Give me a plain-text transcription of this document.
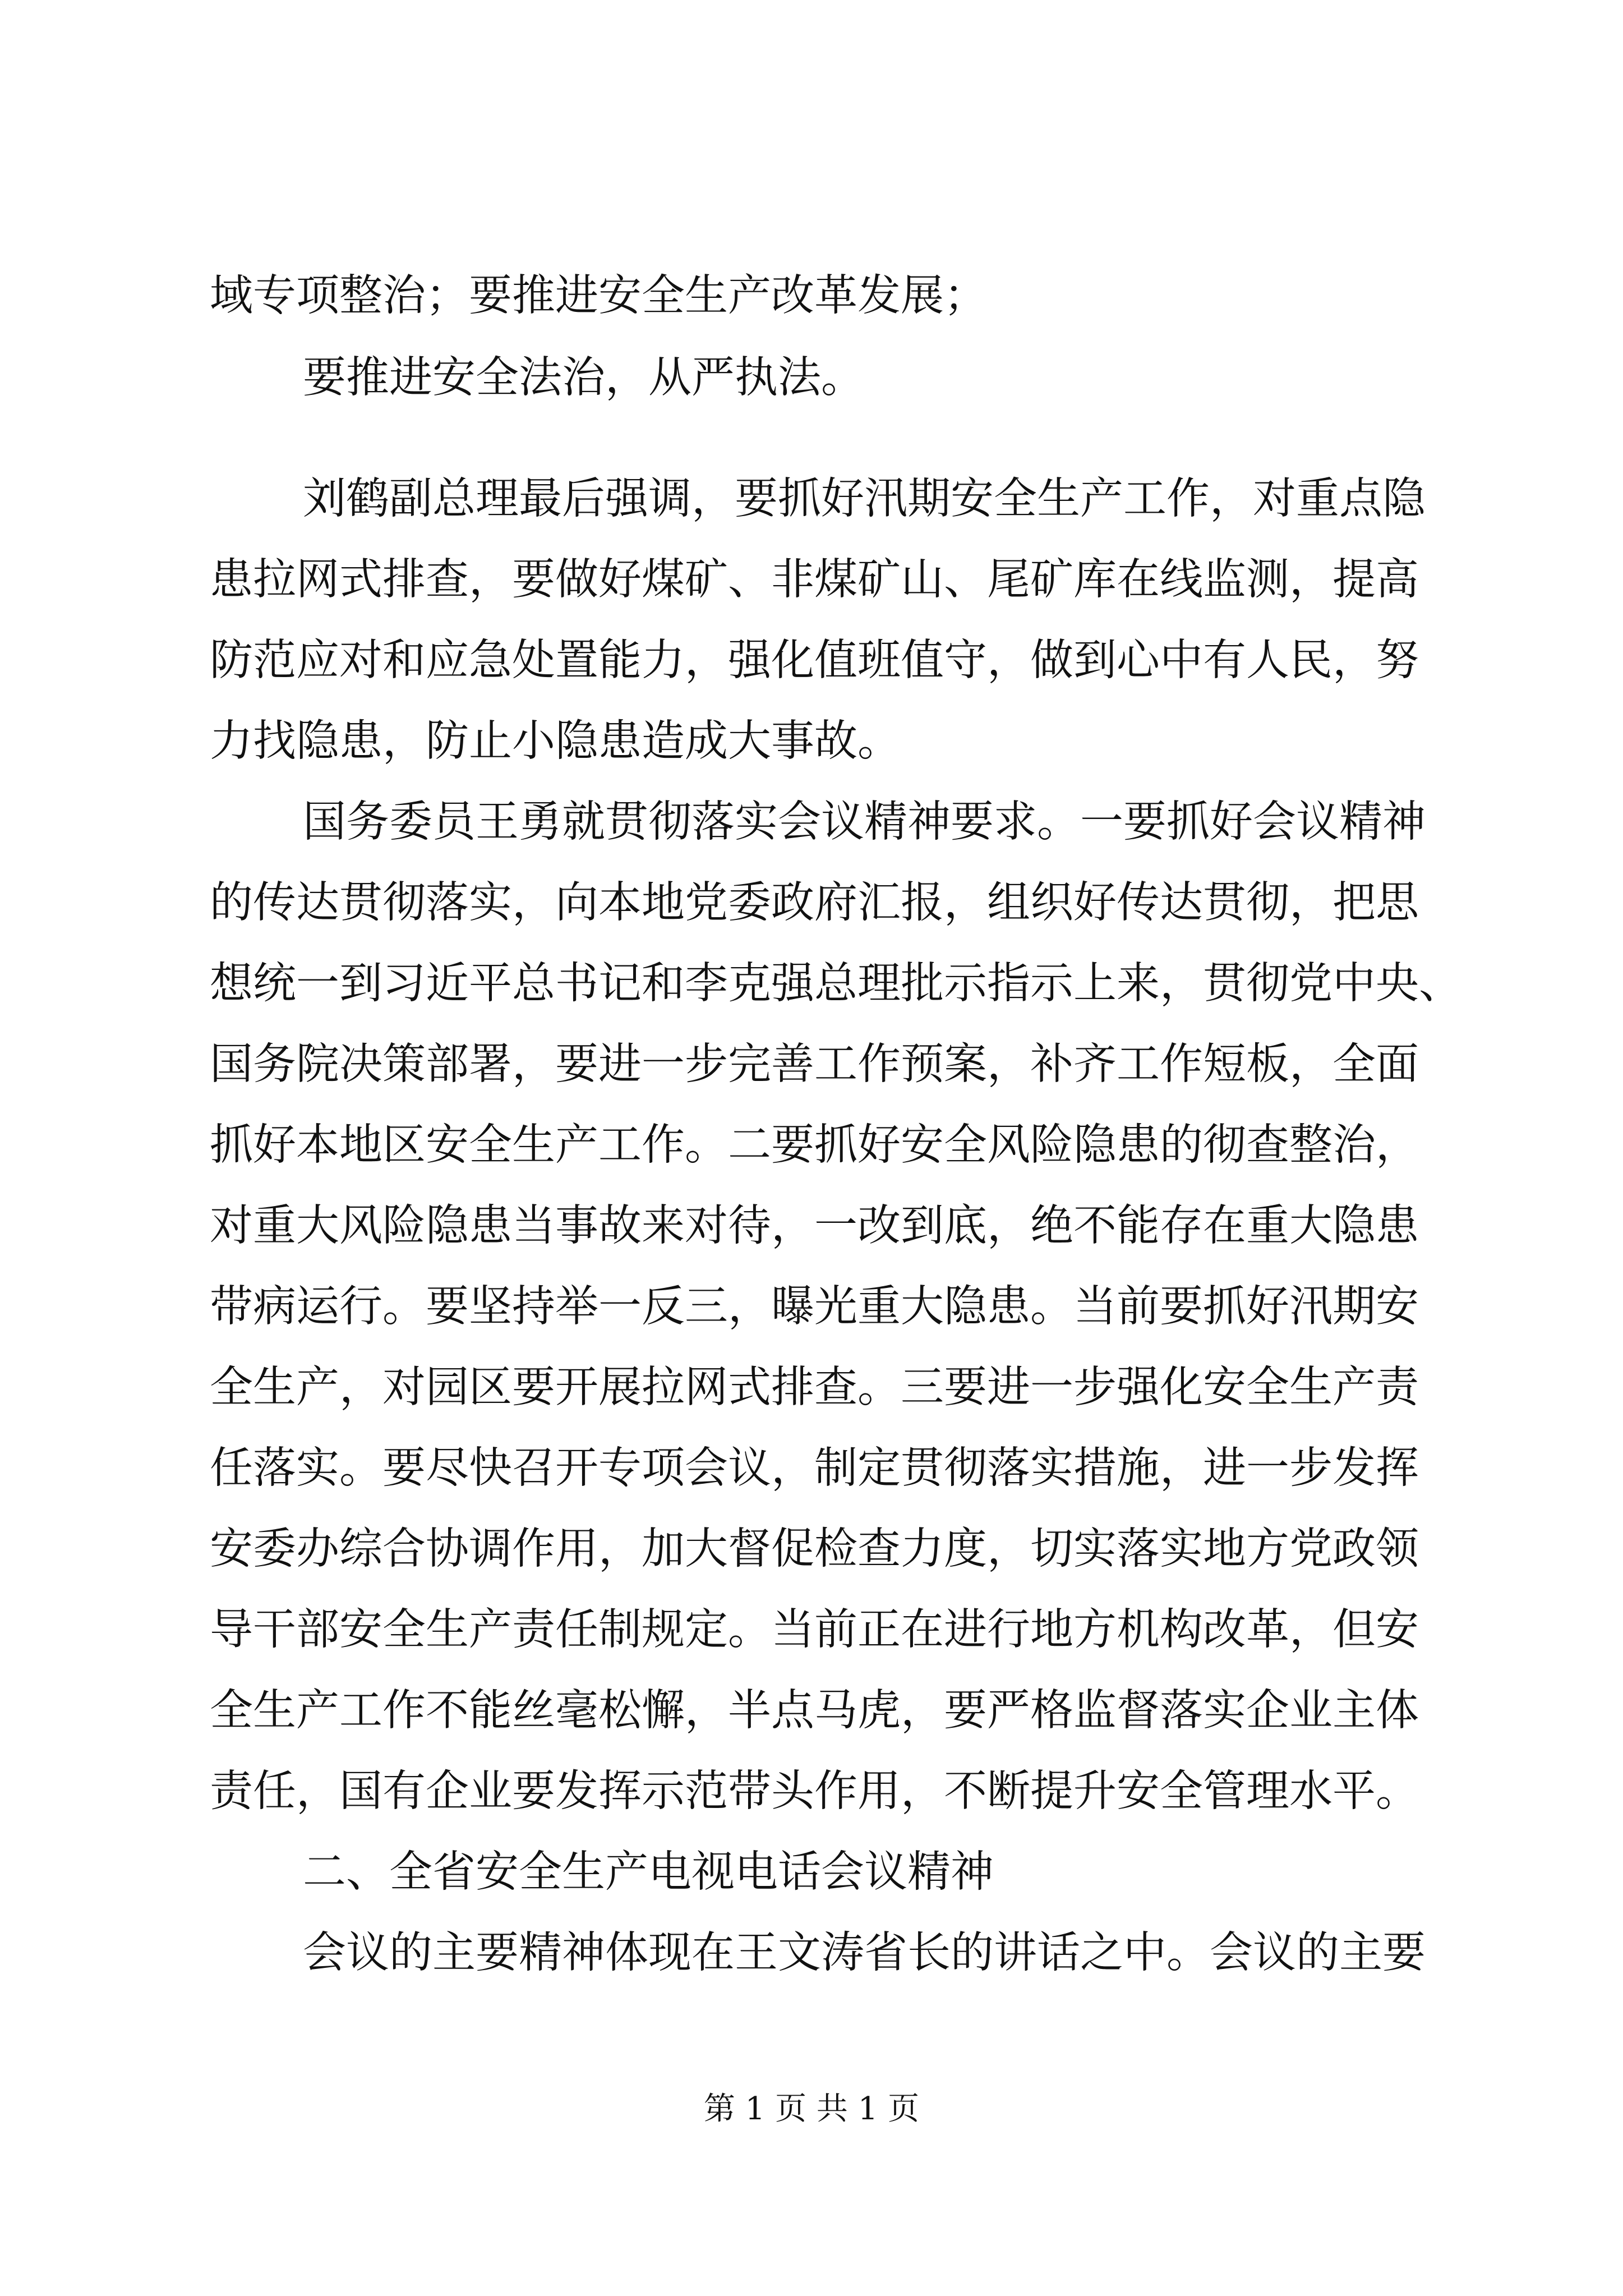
域专项整治；要推进安全生产改革发展；
要推进安全法治，从严执法。
刘鹤副总理最后强调，要抓好汛期安全生产工作，对重点隐
患拉网式排查，要做好煤矿、非煤矿山、尾矿库在线监测，提高
防范应对和应急处置能力，强化值班值守，做到心中有人民，努
力找隐患，防止小隐患造成大事故。
国务委员王勇就贯彻落实会议精神要求。一要抓好会议精神
的传达贯彻落实，向本地党委政府汇报，组织好传达贯彻，把思
想统一到习近平总书记和李克强总理批示指示上来，贯彻党中央、
国务院决策部署，要进一步完善工作预案，补齐工作短板，全面
抓好本地区安全生产工作。二要抓好安全风险隐患的彻查整治，
对重大风险隐患当事故来对待，一改到底，绝不能存在重大隐患
带病运行。要坚持举一反三，曝光重大隐患。当前要抓好汛期安
全生产，对园区要开展拉网式排查。三要进一步强化安全生产责
任落实。要尽快召开专项会议，制定贯彻落实措施，进一步发挥
安委办综合协调作用，加大督促检查力度，切实落实地方党政领
导干部安全生产责任制规定。当前正在进行地方机构改革，但安
全生产工作不能丝毫松懈，半点马虎，要严格监督落实企业主体
责任，国有企业要发挥示范带头作用，不断提升安全管理水平。
二、全省安全生产电视电话会议精神
会议的主要精神体现在王文涛省长的讲话之中。会议的主要
第 1 页 共 1 页
